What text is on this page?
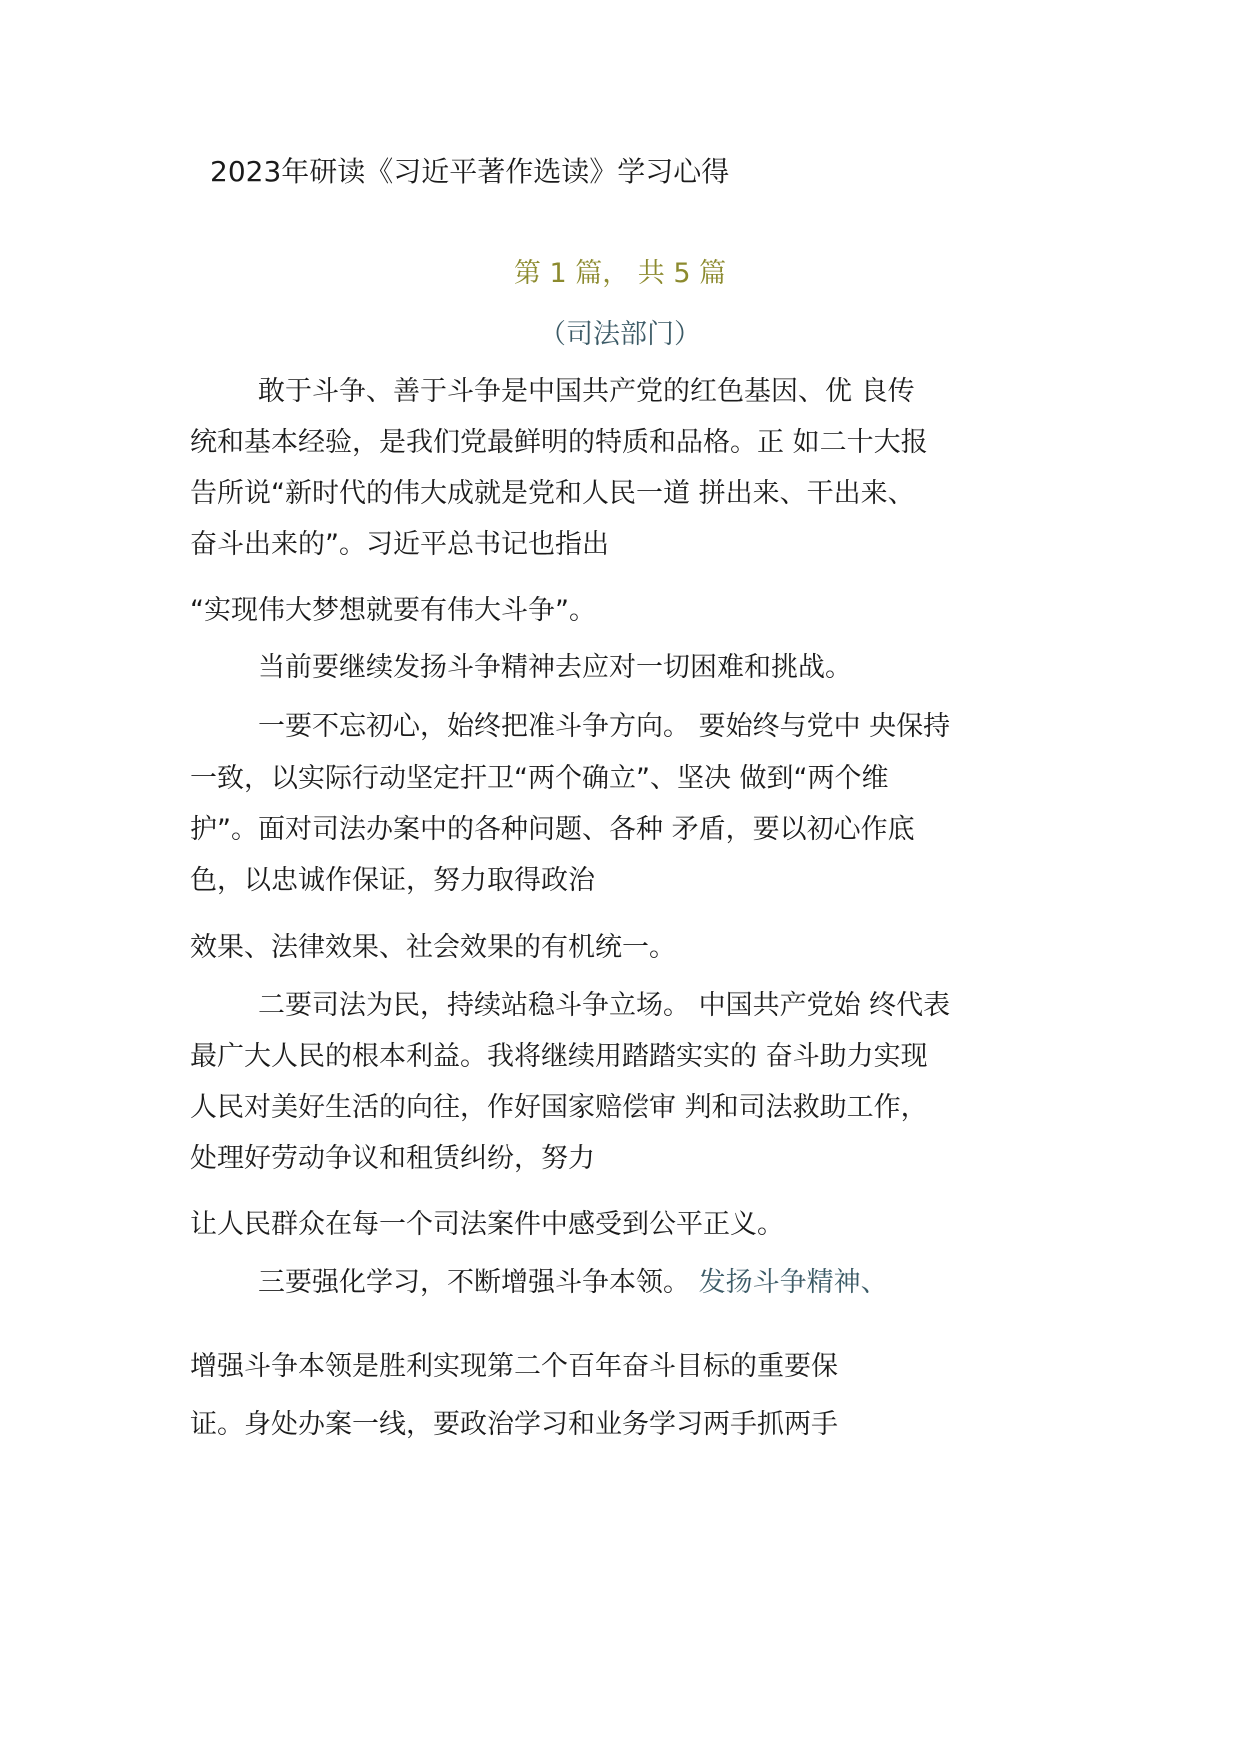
2023年研读《习近平著作选读》学习心得
第 1 篇， 共 5 篇
（司法部门）
敢于斗争、善于斗争是中国共产党的红色基因、优 良传
统和基本经验，是我们党最鲜明的特质和品格。正 如二十大报
告所说“新时代的伟大成就是党和人民一道 拼出来、干出来、
奋斗出来的”。习近平总书记也指出
“实现伟大梦想就要有伟大斗争”。
当前要继续发扬斗争精神去应对一切困难和挑战。
一要不忘初心，始终把准斗争方向。 要始终与党中 央保持
一致，以实际行动坚定扞卫“两个确立”、坚决 做到“两个维
护”。面对司法办案中的各种问题、各种 矛盾，要以初心作底
色，以忠诚作保证，努力取得政治
效果、法律效果、社会效果的有机统一。
二要司法为民，持续站稳斗争立场。 中国共产党始 终代表
最广大人民的根本利益。我将继续用踏踏实实的 奋斗助力实现
人民对美好生活的向往，作好国家赔偿审 判和司法救助工作，
处理好劳动争议和租赁纠纷，努力
让人民群众在每一个司法案件中感受到公平正义。
三要强化学习，不断增强斗争本领。 发扬斗争精神、
增强斗争本领是胜利实现第二个百年奋斗目标的重要保
证。身处办案一线，要政治学习和业务学习两手抓两手
